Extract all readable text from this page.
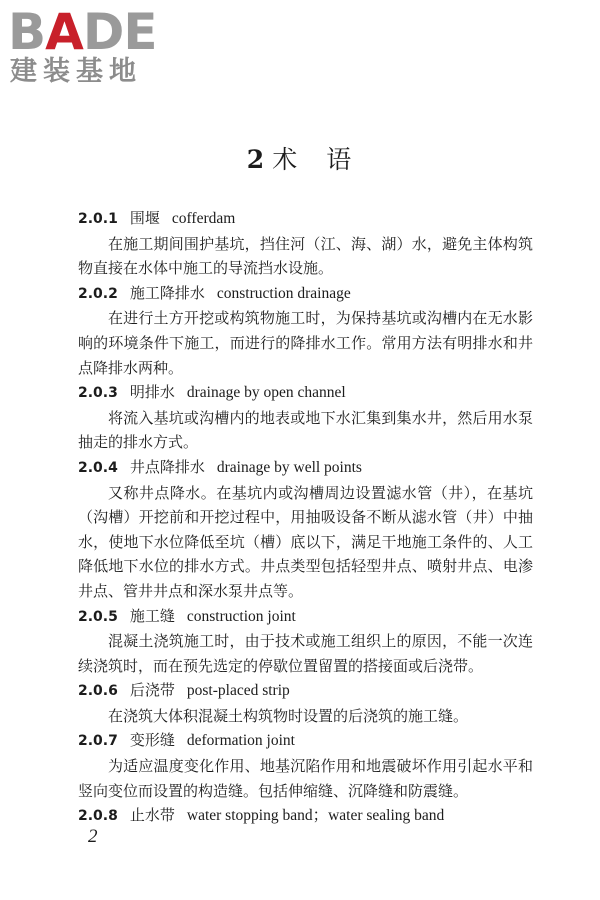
BADE
建装基地
2 术　语

2.0.1 围堰 cofferdam

在施工期间围护基坑，挡住河（江、海、湖）水，避免主体构筑物直接在水体中施工的导流挡水设施。

2.0.2 施工降排水 construction drainage

在进行土方开挖或构筑物施工时，为保持基坑或沟槽内在无水影响的环境条件下施工，而进行的降排水工作。常用方法有明排水和井点降排水两种。

2.0.3 明排水 drainage by open channel

将流入基坑或沟槽内的地表或地下水汇集到集水井，然后用水泵抽走的排水方式。

2.0.4 井点降排水 drainage by well points

又称井点降水。在基坑内或沟槽周边设置滤水管（井），在基坑（沟槽）开挖前和开挖过程中，用抽吸设备不断从滤水管（井）中抽水，使地下水位降低至坑（槽）底以下，满足干地施工条件的、人工降低地下水位的排水方式。井点类型包括轻型井点、喷射井点、电渗井点、管井井点和深水泵井点等。

2.0.5 施工缝 construction joint

混凝土浇筑施工时，由于技术或施工组织上的原因，不能一次连续浇筑时，而在预先选定的停歇位置留置的搭接面或后浇带。

2.0.6 后浇带 post-placed strip

在浇筑大体积混凝土构筑物时设置的后浇筑的施工缝。

2.0.7 变形缝 deformation joint

为适应温度变化作用、地基沉陷作用和地震破坏作用引起水平和竖向变位而设置的构造缝。包括伸缩缝、沉降缝和防震缝。

2.0.8 止水带 water stopping band；water sealing band

2
